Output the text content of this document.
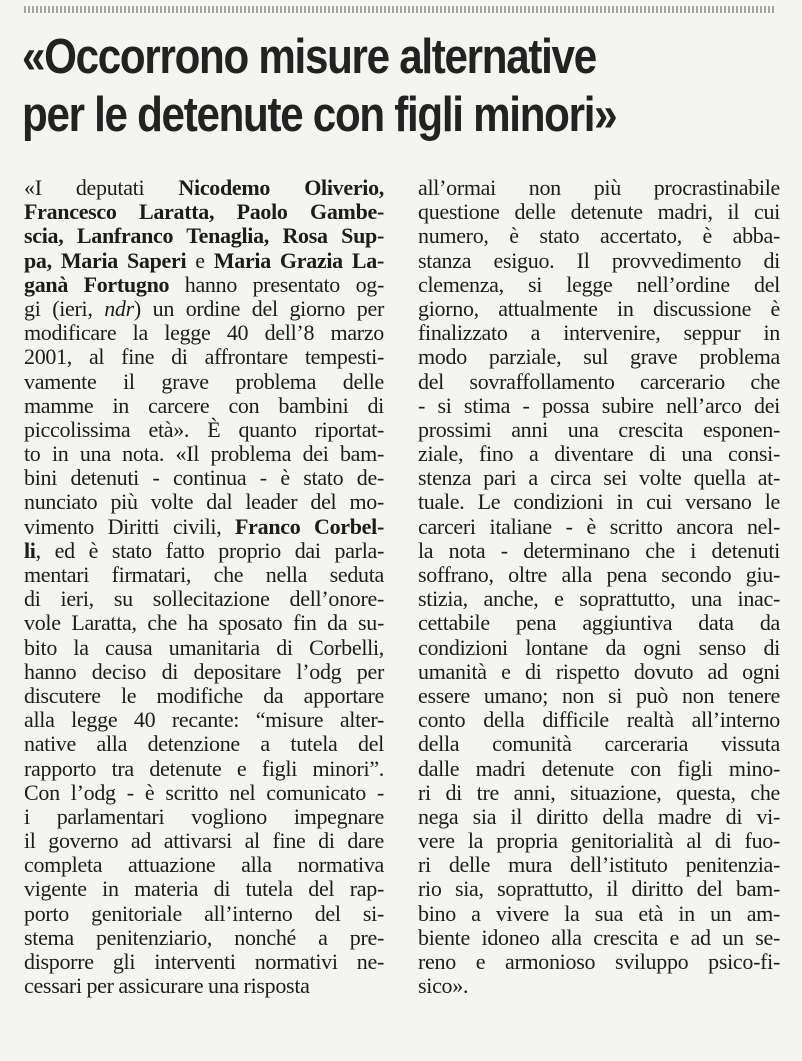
«Occorrono misure alternative
per le detenute con figli minori»
«I deputati Nicodemo Oliverio,
Francesco Laratta, Paolo Gambe-
scia, Lanfranco Tenaglia, Rosa Sup-
pa, Maria Saperi e Maria Grazia La-
ganà Fortugno hanno presentato og-
gi (ieri, ndr) un ordine del giorno per
modificare la legge 40 dell’8 marzo
2001, al fine di affrontare tempesti-
vamente il grave problema delle
mamme in carcere con bambini di
piccolissima età». È quanto riportat-
to in una nota. «Il problema dei bam-
bini detenuti - continua - è stato de-
nunciato più volte dal leader del mo-
vimento Diritti civili, Franco Corbel-
li, ed è stato fatto proprio dai parla-
mentari firmatari, che nella seduta
di ieri, su sollecitazione dell’onore-
vole Laratta, che ha sposato fin da su-
bito la causa umanitaria di Corbelli,
hanno deciso di depositare l’odg per
discutere le modifiche da apportare
alla legge 40 recante: “misure alter-
native alla detenzione a tutela del
rapporto tra detenute e figli minori”.
Con l’odg - è scritto nel comunicato -
i parlamentari vogliono impegnare
il governo ad attivarsi al fine di dare
completa attuazione alla normativa
vigente in materia di tutela del rap-
porto genitoriale all’interno del si-
stema penitenziario, nonché a pre-
disporre gli interventi normativi ne-
cessari per assicurare una risposta
all’ormai non più procrastinabile
questione delle detenute madri, il cui
numero, è stato accertato, è abba-
stanza esiguo. Il provvedimento di
clemenza, si legge nell’ordine del
giorno, attualmente in discussione è
finalizzato a intervenire, seppur in
modo parziale, sul grave problema
del sovraffollamento carcerario che
- si stima - possa subire nell’arco dei
prossimi anni una crescita esponen-
ziale, fino a diventare di una consi-
stenza pari a circa sei volte quella at-
tuale. Le condizioni in cui versano le
carceri italiane - è scritto ancora nel-
la nota - determinano che i detenuti
soffrano, oltre alla pena secondo giu-
stizia, anche, e soprattutto, una inac-
cettabile pena aggiuntiva data da
condizioni lontane da ogni senso di
umanità e di rispetto dovuto ad ogni
essere umano; non si può non tenere
conto della difficile realtà all’interno
della comunità carceraria vissuta
dalle madri detenute con figli mino-
ri di tre anni, situazione, questa, che
nega sia il diritto della madre di vi-
vere la propria genitorialità al di fuo-
ri delle mura dell’istituto penitenzia-
rio sia, soprattutto, il diritto del bam-
bino a vivere la sua età in un am-
biente idoneo alla crescita e ad un se-
reno e armonioso sviluppo psico-fi-
sico».
